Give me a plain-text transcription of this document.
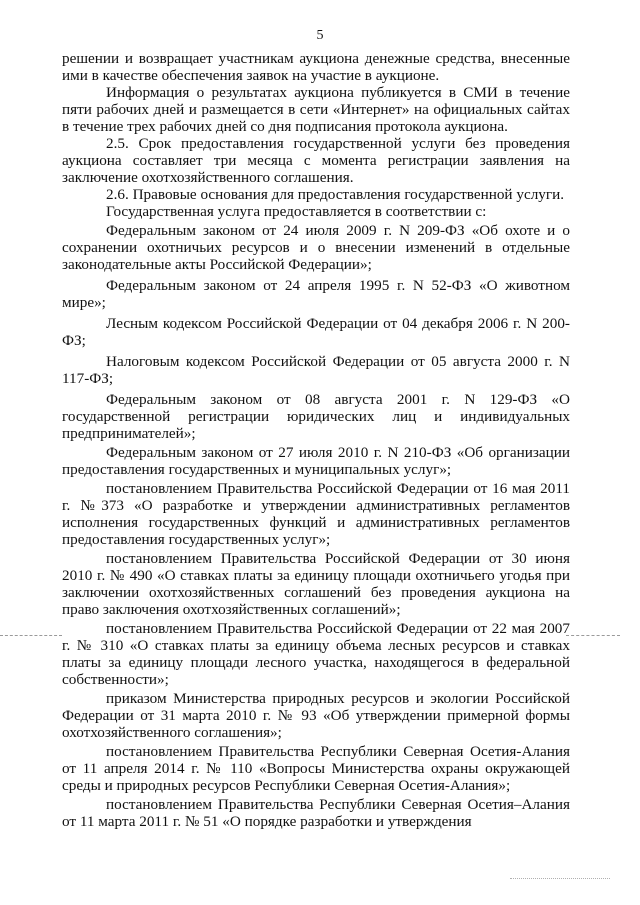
5

решении и возвращает участникам аукциона денежные средства, внесенные ими в качестве обеспечения заявок на участие в аукционе.

Информация о результатах аукциона публикуется в СМИ в течение пяти рабочих дней и размещается в сети «Интернет» на официальных сайтах в течение трех рабочих дней со дня подписания протокола аукциона.

2.5. Срок предоставления государственной услуги без проведения аукциона составляет три месяца с момента регистрации заявления на заключение охотхозяйственного соглашения.

2.6. Правовые основания для предоставления государственной услуги.

Государственная услуга предоставляется в соответствии с:

Федеральным законом от 24 июля 2009 г. N 209-ФЗ «Об охоте и о сохранении охотничьих ресурсов и о внесении изменений в отдельные законодательные акты Российской Федерации»;

Федеральным законом от 24 апреля 1995 г. N 52-ФЗ «О животном мире»;

Лесным кодексом Российской Федерации от 04 декабря 2006 г. N 200-ФЗ;

Налоговым кодексом Российской Федерации от 05 августа 2000 г. N 117-ФЗ;

Федеральным законом от 08 августа 2001 г. N 129-ФЗ «О государственной регистрации юридических лиц и индивидуальных предпринимателей»;

Федеральным законом от 27 июля 2010 г. N 210-ФЗ «Об организации предоставления государственных и муниципальных услуг»;

постановлением Правительства Российской Федерации от 16 мая 2011 г. №373 «О разработке и утверждении административных регламентов исполнения государственных функций и административных регламентов предоставления государственных услуг»;

постановлением Правительства Российской Федерации от 30 июня 2010 г. № 490 «О ставках платы за единицу площади охотничьего угодья при заключении охотхозяйственных соглашений без проведения аукциона на право заключения охотхозяйственных соглашений»;

постановлением Правительства Российской Федерации от 22 мая 2007 г. № 310 «О ставках платы за единицу объема лесных ресурсов и ставках платы за единицу площади лесного участка, находящегося в федеральной собственности»;

приказом Министерства природных ресурсов и экологии Российской Федерации от 31 марта 2010 г. № 93 «Об утверждении примерной формы охотхозяйственного соглашения»;

постановлением Правительства Республики Северная Осетия-Алания от 11 апреля 2014 г. № 110 «Вопросы Министерства охраны окружающей среды и природных ресурсов Республики Северная Осетия-Алания»;

постановлением Правительства Республики Северная Осетия–Алания от 11 марта 2011 г. № 51 «О порядке разработки и утверждения
